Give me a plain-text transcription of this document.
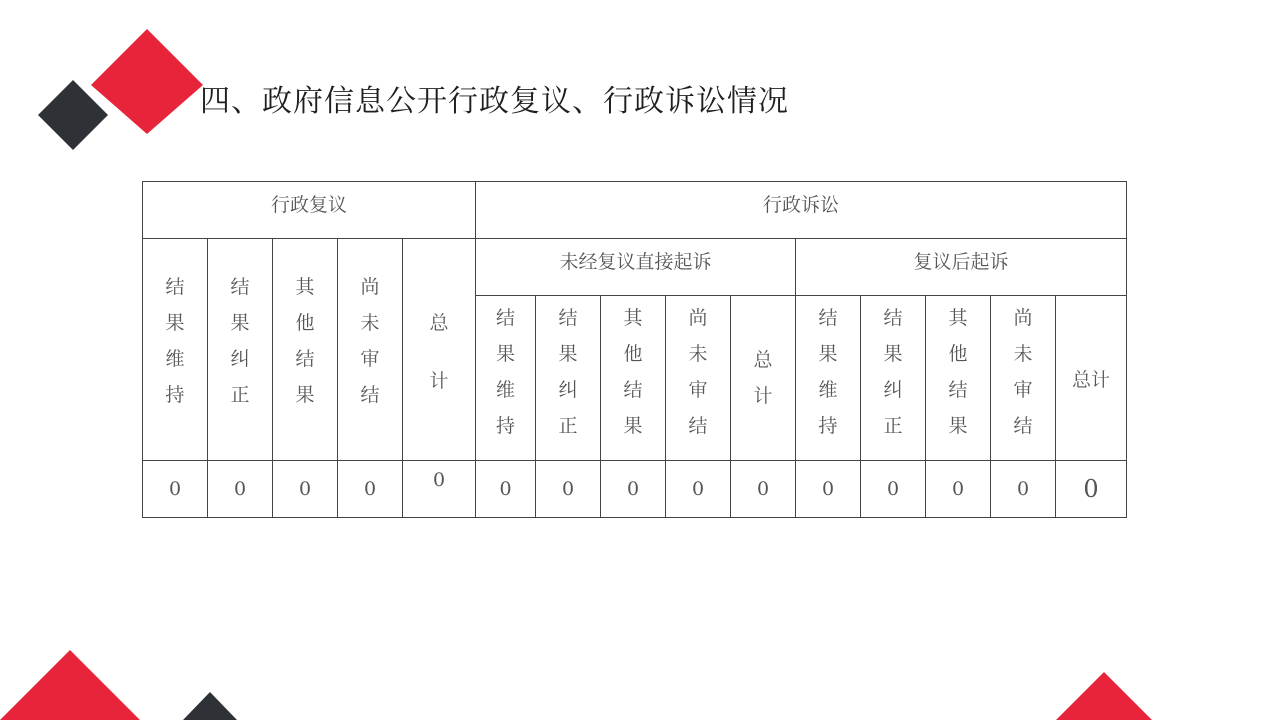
四、政府信息公开行政复议、行政诉讼情况
行政复议					行政诉讼									

结果维持	结果纠正	其他结果	尚未审结	总计	未经复议直接起诉					复议后起诉				

					结果维持	结果纠正	其他结果	尚未审结	总计	结果维持	结果纠正	其他结果	尚未审结	总计
0	0	0	0	0	0	0	0	0	0	0	0	0	0	0
